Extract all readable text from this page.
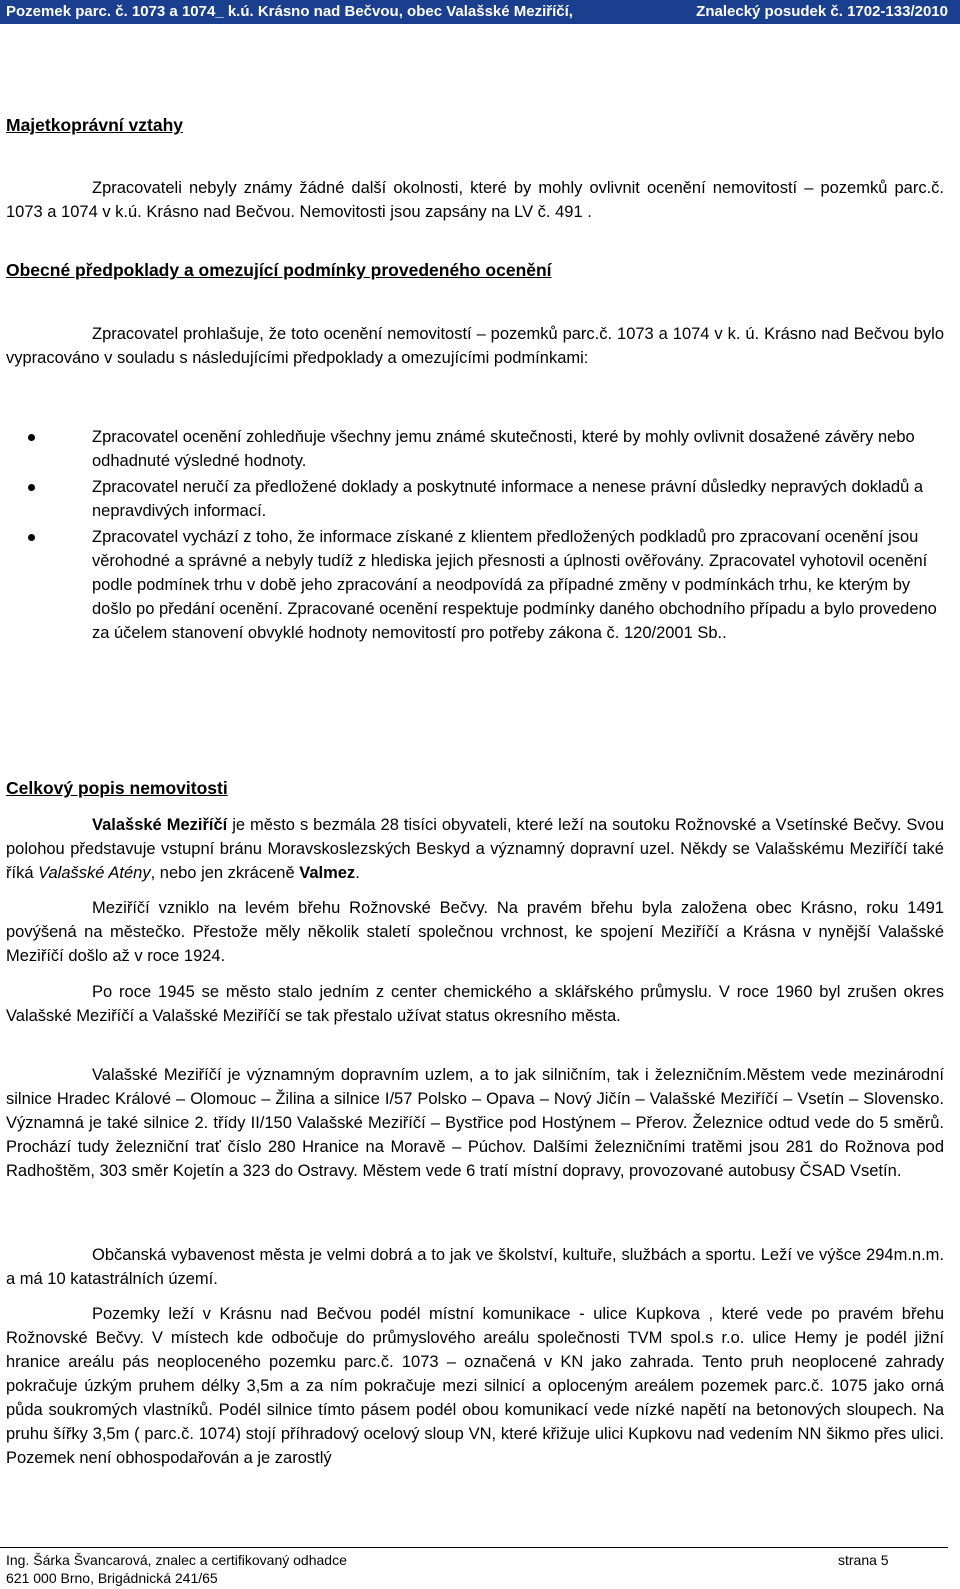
Pozemek parc. č. 1073 a 1074_ k.ú. Krásno nad Bečvou, obec Valašské Meziříčí,	Znalecký posudek č. 1702-133/2010
Majetkoprávní vztahy

Zpracovateli nebyly známy žádné další okolnosti, které by mohly ovlivnit ocenění nemovitostí – pozemků parc.č. 1073 a 1074 v k.ú. Krásno nad Bečvou. Nemovitosti jsou zapsány na LV č. 491 .

Obecné předpoklady a omezující podmínky provedeného ocenění

Zpracovatel prohlašuje, že toto ocenění nemovitostí – pozemků parc.č. 1073 a 1074 v k. ú. Krásno nad Bečvou bylo vypracováno v souladu s následujícími předpoklady a omezujícími podmínkami:

Zpracovatel ocenění zohledňuje všechny jemu známé skutečnosti, které by mohly ovlivnit dosažené závěry nebo odhadnuté výsledné hodnoty.
Zpracovatel neručí za předložené doklady a poskytnuté informace a nenese právní důsledky nepravých dokladů a nepravdivých informací.
Zpracovatel vychází z toho, že informace získané z klientem předložených podkladů pro zpracovaní ocenění jsou věrohodné a správné a nebyly tudíž z hlediska jejich přesnosti a úplnosti ověřovány. Zpracovatel vyhotovil ocenění podle podmínek trhu v době jeho zpracování a neodpovídá za případné změny v podmínkách trhu, ke kterým by došlo po předání ocenění. Zpracované ocenění respektuje podmínky daného obchodního případu a bylo provedeno za účelem stanovení obvyklé hodnoty nemovitostí pro potřeby zákona č. 120/2001 Sb..
Celkový popis nemovitosti

Valašské Meziříčí je město s bezmála 28 tisíci obyvateli, které leží na soutoku Rožnovské a Vsetínské Bečvy. Svou polohou představuje vstupní bránu Moravskoslezských Beskyd a významný dopravní uzel. Někdy se Valašskému Meziříčí také říká Valašské Atény, nebo jen zkráceně Valmez.

Meziříčí vzniklo na levém břehu Rožnovské Bečvy. Na pravém břehu byla založena obec Krásno, roku 1491 povýšená na městečko. Přestože měly několik staletí společnou vrchnost, ke spojení Meziříčí a Krásna v nynější Valašské Meziříčí došlo až v roce 1924.

Po roce 1945 se město stalo jedním z center chemického a sklářského průmyslu. V roce 1960 byl zrušen okres Valašské Meziříčí a Valašské Meziříčí se tak přestalo užívat status okresního města.

Valašské Meziříčí je významným dopravním uzlem, a to jak silničním, tak i železničním.Městem vede mezinárodní silnice Hradec Králové – Olomouc – Žilina a silnice I/57 Polsko – Opava – Nový Jičín – Valašské Meziříčí – Vsetín – Slovensko. Významná je také silnice 2. třídy II/150 Valašské Meziříčí – Bystřice pod Hostýnem – Přerov. Železnice odtud vede do 5 směrů. Prochází tudy železniční trať číslo 280 Hranice na Moravě – Púchov. Dalšími železničními tratěmi jsou 281 do Rožnova pod Radhoštěm, 303 směr Kojetín a 323 do Ostravy. Městem vede 6 tratí místní dopravy, provozované autobusy ČSAD Vsetín.

Občanská vybavenost města je velmi dobrá a to jak ve školství, kultuře, službách a sportu. Leží ve výšce 294m.n.m. a má 10 katastrálních území.

Pozemky leží v Krásnu nad Bečvou podél místní komunikace - ulice Kupkova , které vede po pravém břehu Rožnovské Bečvy. V místech kde odbočuje do průmyslového areálu společnosti TVM spol.s r.o. ulice Hemy je podél jižní hranice areálu pás neoploceného pozemku parc.č. 1073 – označená v KN jako zahrada. Tento pruh neoplocené zahrady pokračuje úzkým pruhem délky 3,5m a za ním pokračuje mezi silnicí a oploceným areálem pozemek parc.č. 1075 jako orná půda soukromých vlastníků. Podél silnice tímto pásem podél obou komunikací vede nízké napětí na betonových sloupech. Na pruhu šířky 3,5m ( parc.č. 1074) stojí příhradový ocelový sloup VN, které křižuje ulici Kupkovu nad vedením NN šikmo přes ulici. Pozemek není obhospodařován a je zarostlý

Ing. Šárka Švancarová, znalec a certifikovaný odhadce
621 000 Brno, Brigádnická 241/65
strana 5
